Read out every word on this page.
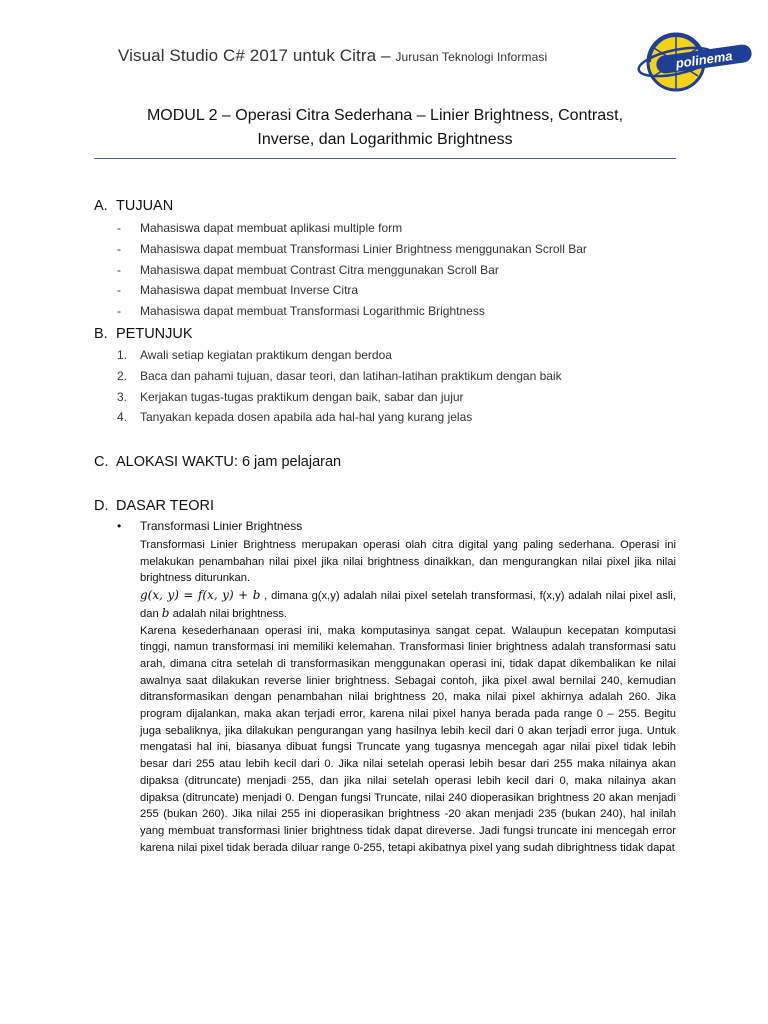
Visual Studio C# 2017 untuk Citra – Jurusan Teknologi Informasi	polinema
MODUL 2 – Operasi Citra Sederhana – Linier Brightness, Contrast,
Inverse, dan Logarithmic Brightness
A. TUJUAN
- Mahasiswa dapat membuat aplikasi multiple form
- Mahasiswa dapat membuat Transformasi Linier Brightness menggunakan Scroll Bar
- Mahasiswa dapat membuat Contrast Citra menggunakan Scroll Bar
- Mahasiswa dapat membuat Inverse Citra
- Mahasiswa dapat membuat Transformasi Logarithmic Brightness
B. PETUNJUK
1. Awali setiap kegiatan praktikum dengan berdoa
2. Baca dan pahami tujuan, dasar teori, dan latihan-latihan praktikum dengan baik
3. Kerjakan tugas-tugas praktikum dengan baik, sabar dan jujur
4. Tanyakan kepada dosen apabila ada hal-hal yang kurang jelas
C. ALOKASI WAKTU: 6 jam pelajaran
D. DASAR TEORI
• Transformasi Linier Brightness

Transformasi Linier Brightness merupakan operasi olah citra digital yang paling sederhana. Operasi ini melakukan penambahan nilai pixel jika nilai brightness dinaikkan, dan mengurangkan nilai pixel jika nilai brightness diturunkan.

g(x, y) = f(x, y) + b , dimana g(x,y) adalah nilai pixel setelah transformasi, f(x,y) adalah nilai pixel asli, dan b adalah nilai brightness.

Karena kesederhanaan operasi ini, maka komputasinya sangat cepat. Walaupun kecepatan komputasi tinggi, namun transformasi ini memiliki kelemahan. Transformasi linier brightness adalah transformasi satu arah, dimana citra setelah di transformasikan menggunakan operasi ini, tidak dapat dikembalikan ke nilai awalnya saat dilakukan reverse linier brightness. Sebagai contoh, jika pixel awal bernilai 240, kemudian ditransformasikan dengan penambahan nilai brightness 20, maka nilai pixel akhirnya adalah 260. Jika program dijalankan, maka akan terjadi error, karena nilai pixel hanya berada pada range 0 – 255. Begitu juga sebaliknya, jika dilakukan pengurangan yang hasilnya lebih kecil dari 0 akan terjadi error juga. Untuk mengatasi hal ini, biasanya dibuat fungsi Truncate yang tugasnya mencegah agar nilai pixel tidak lebih besar dari 255 atau lebih kecil dari 0. Jika nilai setelah operasi lebih besar dari 255 maka nilainya akan dipaksa (ditruncate) menjadi 255, dan jika nilai setelah operasi lebih kecil dari 0, maka nilainya akan dipaksa (ditruncate) menjadi 0. Dengan fungsi Truncate, nilai 240 dioperasikan brightness 20 akan menjadi 255 (bukan 260). Jika nilai 255 ini dioperasikan brightness -20 akan menjadi 235 (bukan 240), hal inilah yang membuat transformasi linier brightness tidak dapat direverse. Jadi fungsi truncate ini mencegah error karena nilai pixel tidak berada diluar range 0-255, tetapi akibatnya pixel yang sudah dibrightness tidak dapat
